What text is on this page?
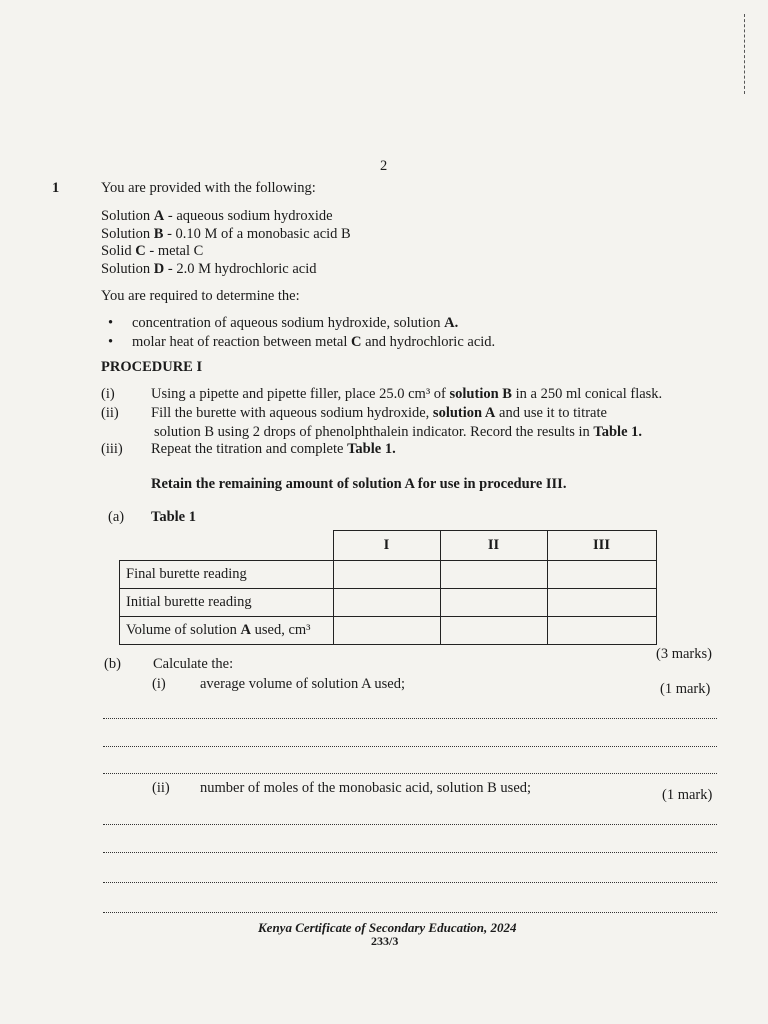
2
1	You are provided with the following:
Solution A - aqueous sodium hydroxide
Solution B - 0.10 M of a monobasic acid B
Solid C - metal C
Solution D - 2.0 M hydrochloric acid
You are required to determine the:
• concentration of aqueous sodium hydroxide, solution A.
• molar heat of reaction between metal C and hydrochloric acid.
PROCEDURE I
(i)	Using a pipette and pipette filler, place 25.0 cm³ of solution B in a 250 ml conical flask.
(ii) Fill the burette with aqueous sodium hydroxide, solution A and use it to titrate
solution B using 2 drops of phenolphthalein indicator. Record the results in Table 1.
(iii) Repeat the titration and complete Table 1.
Retain the remaining amount of solution A for use in procedure III.
(a) Table 1
	I	II	III
Final burette reading			
Initial burette reading			
Volume of solution A used, cm³			
(3 marks)
(b) Calculate the:
(i) average volume of solution A used;	(1 mark)
(ii) number of moles of the monobasic acid, solution B used;	(1 mark)
Kenya Certificate of Secondary Education, 2024
233/3
